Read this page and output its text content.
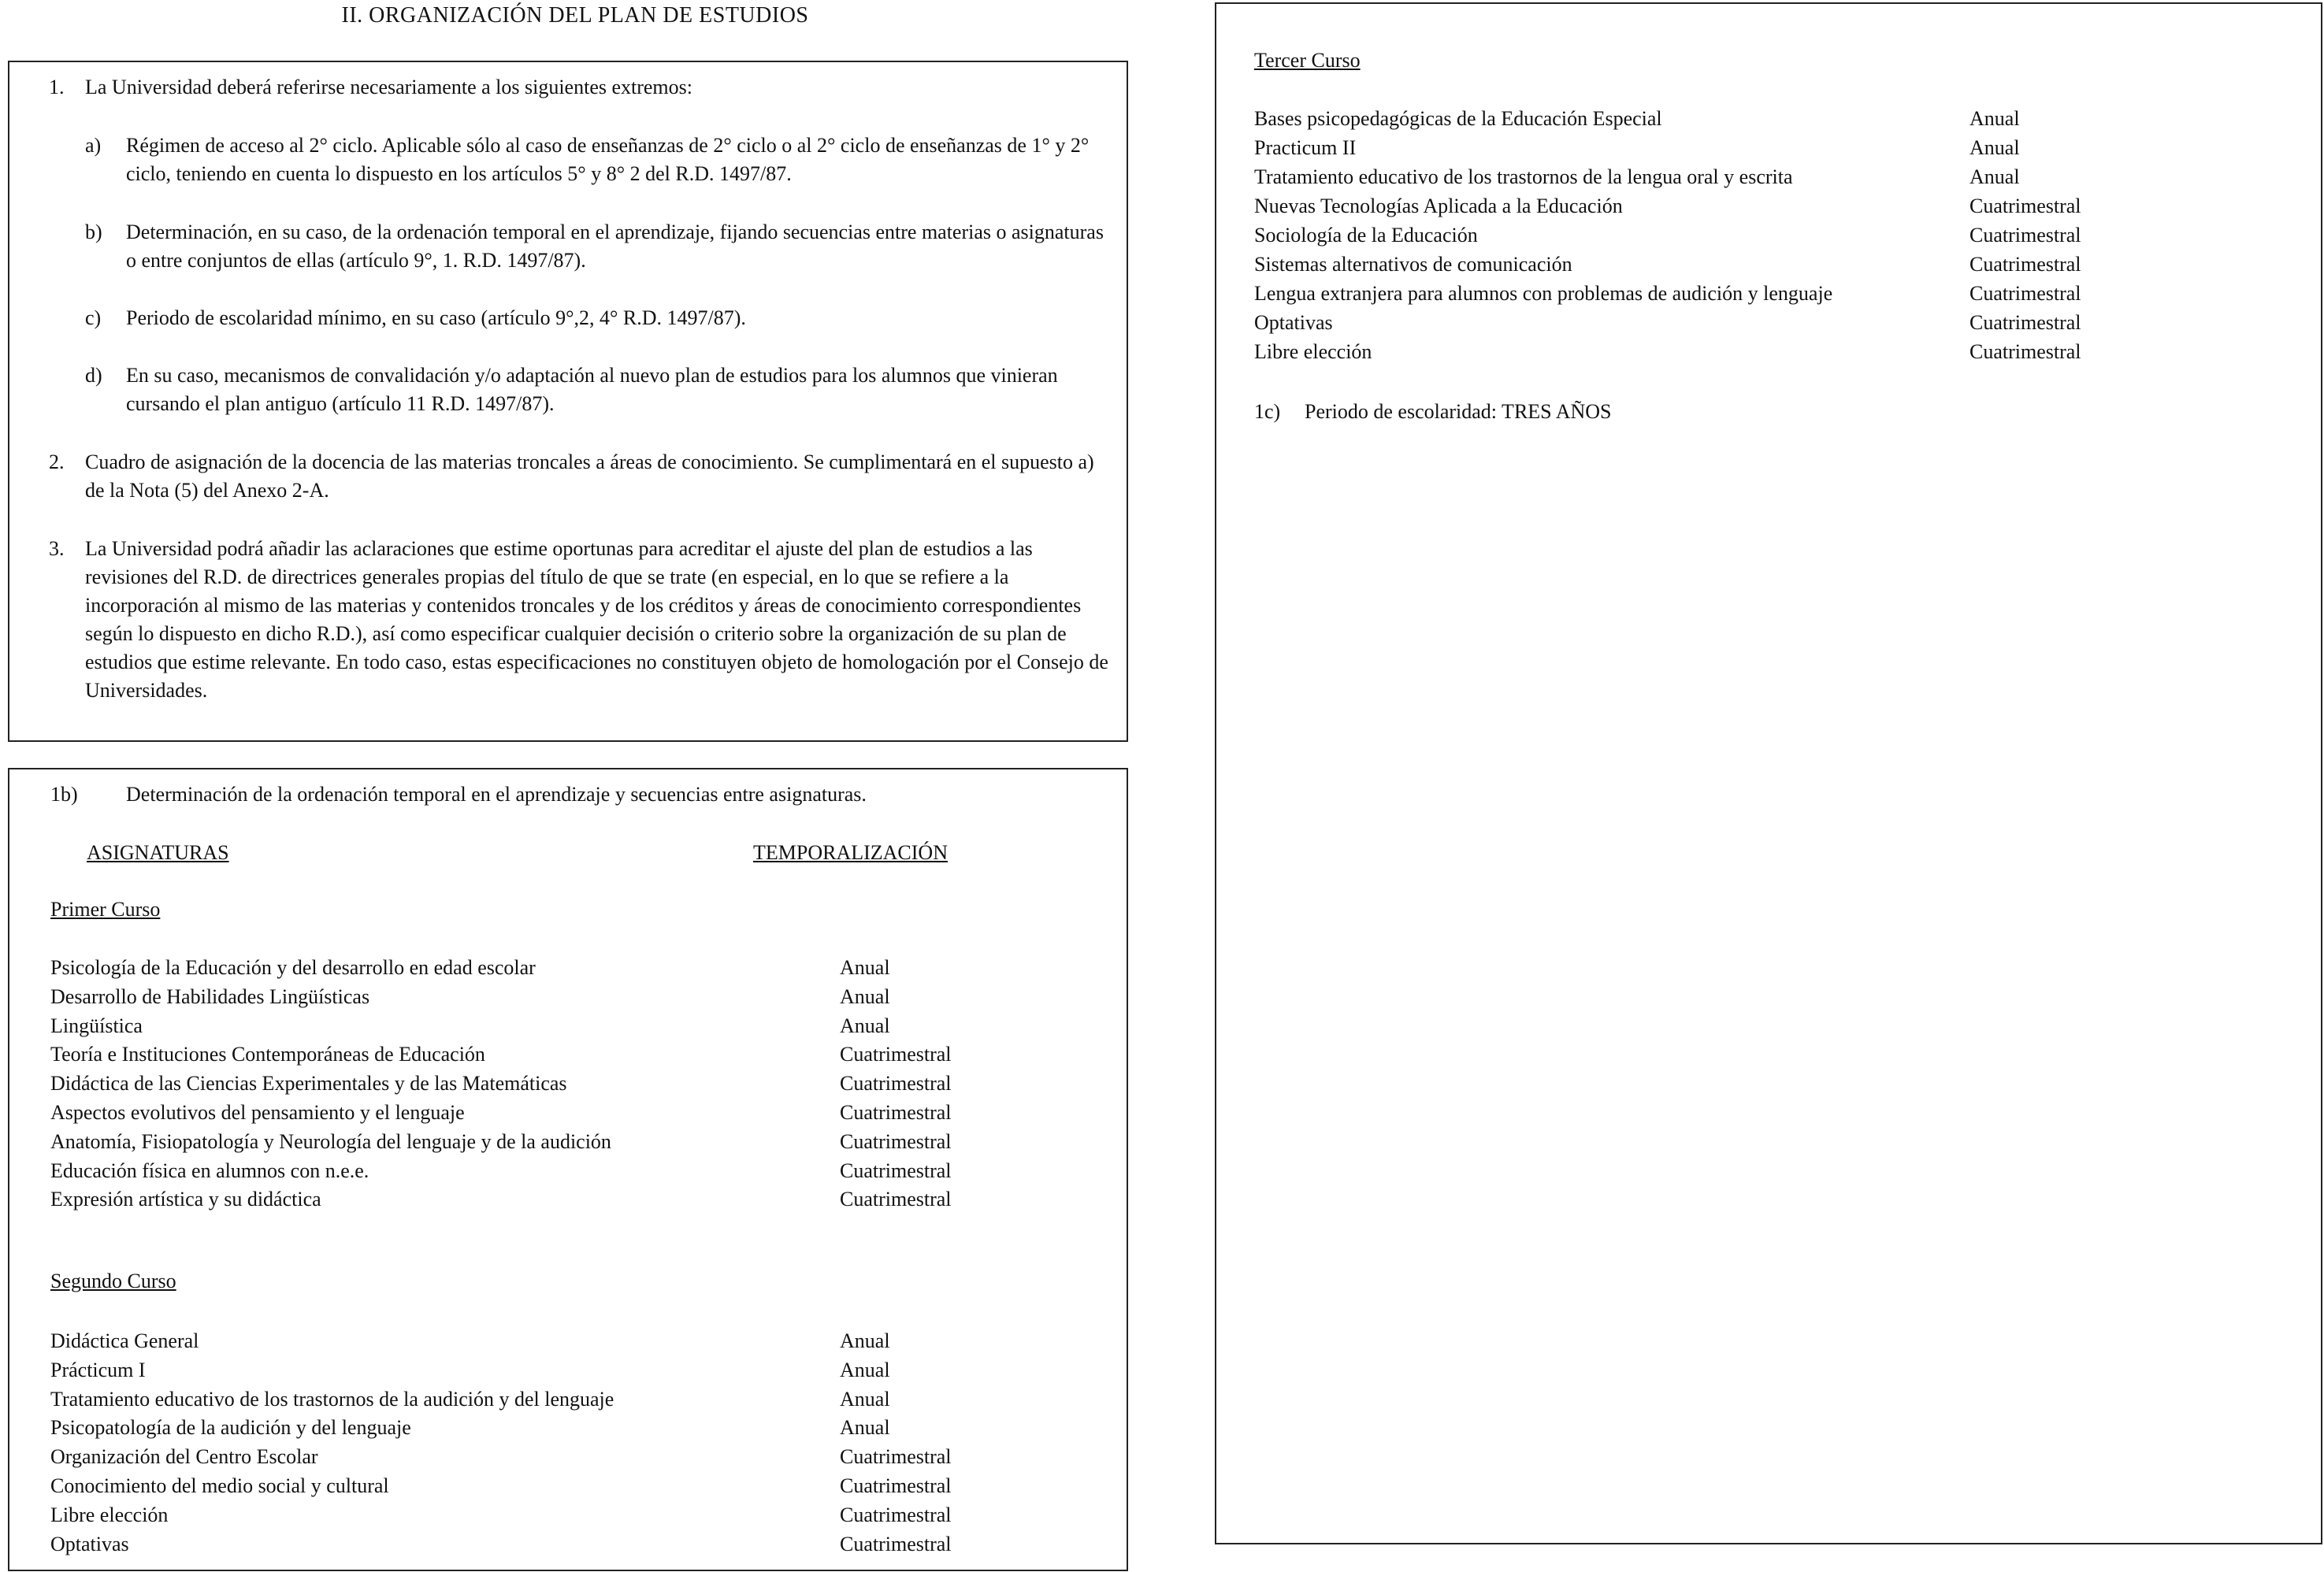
II. ORGANIZACIÓN DEL PLAN DE ESTUDIOS
1. La Universidad deberá referirse necesariamente a los siguientes extremos:
a) Régimen de acceso al 2° ciclo. Aplicable sólo al caso de enseñanzas de 2° ciclo o al 2° ciclo de enseñanzas de 1° y 2° ciclo, teniendo en cuenta lo dispuesto en los artículos 5° y 8° 2 del R.D. 1497/87.
b) Determinación, en su caso, de la ordenación temporal en el aprendizaje, fijando secuencias entre materias o asignaturas o entre conjuntos de ellas (artículo 9°, 1. R.D. 1497/87).
c) Periodo de escolaridad mínimo, en su caso (artículo 9°,2, 4° R.D. 1497/87).
d) En su caso, mecanismos de convalidación y/o adaptación al nuevo plan de estudios para los alumnos que vinieran cursando el plan antiguo (artículo 11 R.D. 1497/87).
2. Cuadro de asignación de la docencia de las materias troncales a áreas de conocimiento. Se cumplimentará en el supuesto a) de la Nota (5) del Anexo 2-A.
3. La Universidad podrá añadir las aclaraciones que estime oportunas para acreditar el ajuste del plan de estudios a las revisiones del R.D. de directrices generales propias del título de que se trate (en especial, en lo que se refiere a la incorporación al mismo de las materias y contenidos troncales y de los créditos y áreas de conocimiento correspondientes según lo dispuesto en dicho R.D.), así como especificar cualquier decisión o criterio sobre la organización de su plan de estudios que estime relevante. En todo caso, estas especificaciones no constituyen objeto de homologación por el Consejo de Universidades.
1b) Determinación de la ordenación temporal en el aprendizaje y secuencias entre asignaturas.
ASIGNATURAS	TEMPORALIZACIÓN
Primer Curso
Psicología de la Educación y del desarrollo en edad escolar	Anual
Desarrollo de Habilidades Lingüísticas	Anual
Lingüística	Anual
Teoría e Instituciones Contemporáneas de Educación	Cuatrimestral
Didáctica de las Ciencias Experimentales y de las Matemáticas	Cuatrimestral
Aspectos evolutivos del pensamiento y el lenguaje	Cuatrimestral
Anatomía, Fisiopatología y Neurología del lenguaje y de la audición	Cuatrimestral
Educación física en alumnos con n.e.e.	Cuatrimestral
Expresión artística y su didáctica	Cuatrimestral
Segundo Curso
Didáctica General	Anual
Prácticum I	Anual
Tratamiento educativo de los trastornos de la audición y del lenguaje	Anual
Psicopatología de la audición y del lenguaje	Anual
Organización del Centro Escolar	Cuatrimestral
Conocimiento del medio social y cultural	Cuatrimestral
Libre elección	Cuatrimestral
Optativas	Cuatrimestral
Tercer Curso
Bases psicopedagógicas de la Educación Especial	Anual
Practicum II	Anual
Tratamiento educativo de los trastornos de la lengua oral y escrita	Anual
Nuevas Tecnologías Aplicada a la Educación	Cuatrimestral
Sociología de la Educación	Cuatrimestral
Sistemas alternativos de comunicación	Cuatrimestral
Lengua extranjera para alumnos con problemas de audición y lenguaje	Cuatrimestral
Optativas	Cuatrimestral
Libre elección	Cuatrimestral
1c) Periodo de escolaridad: TRES AÑOS
